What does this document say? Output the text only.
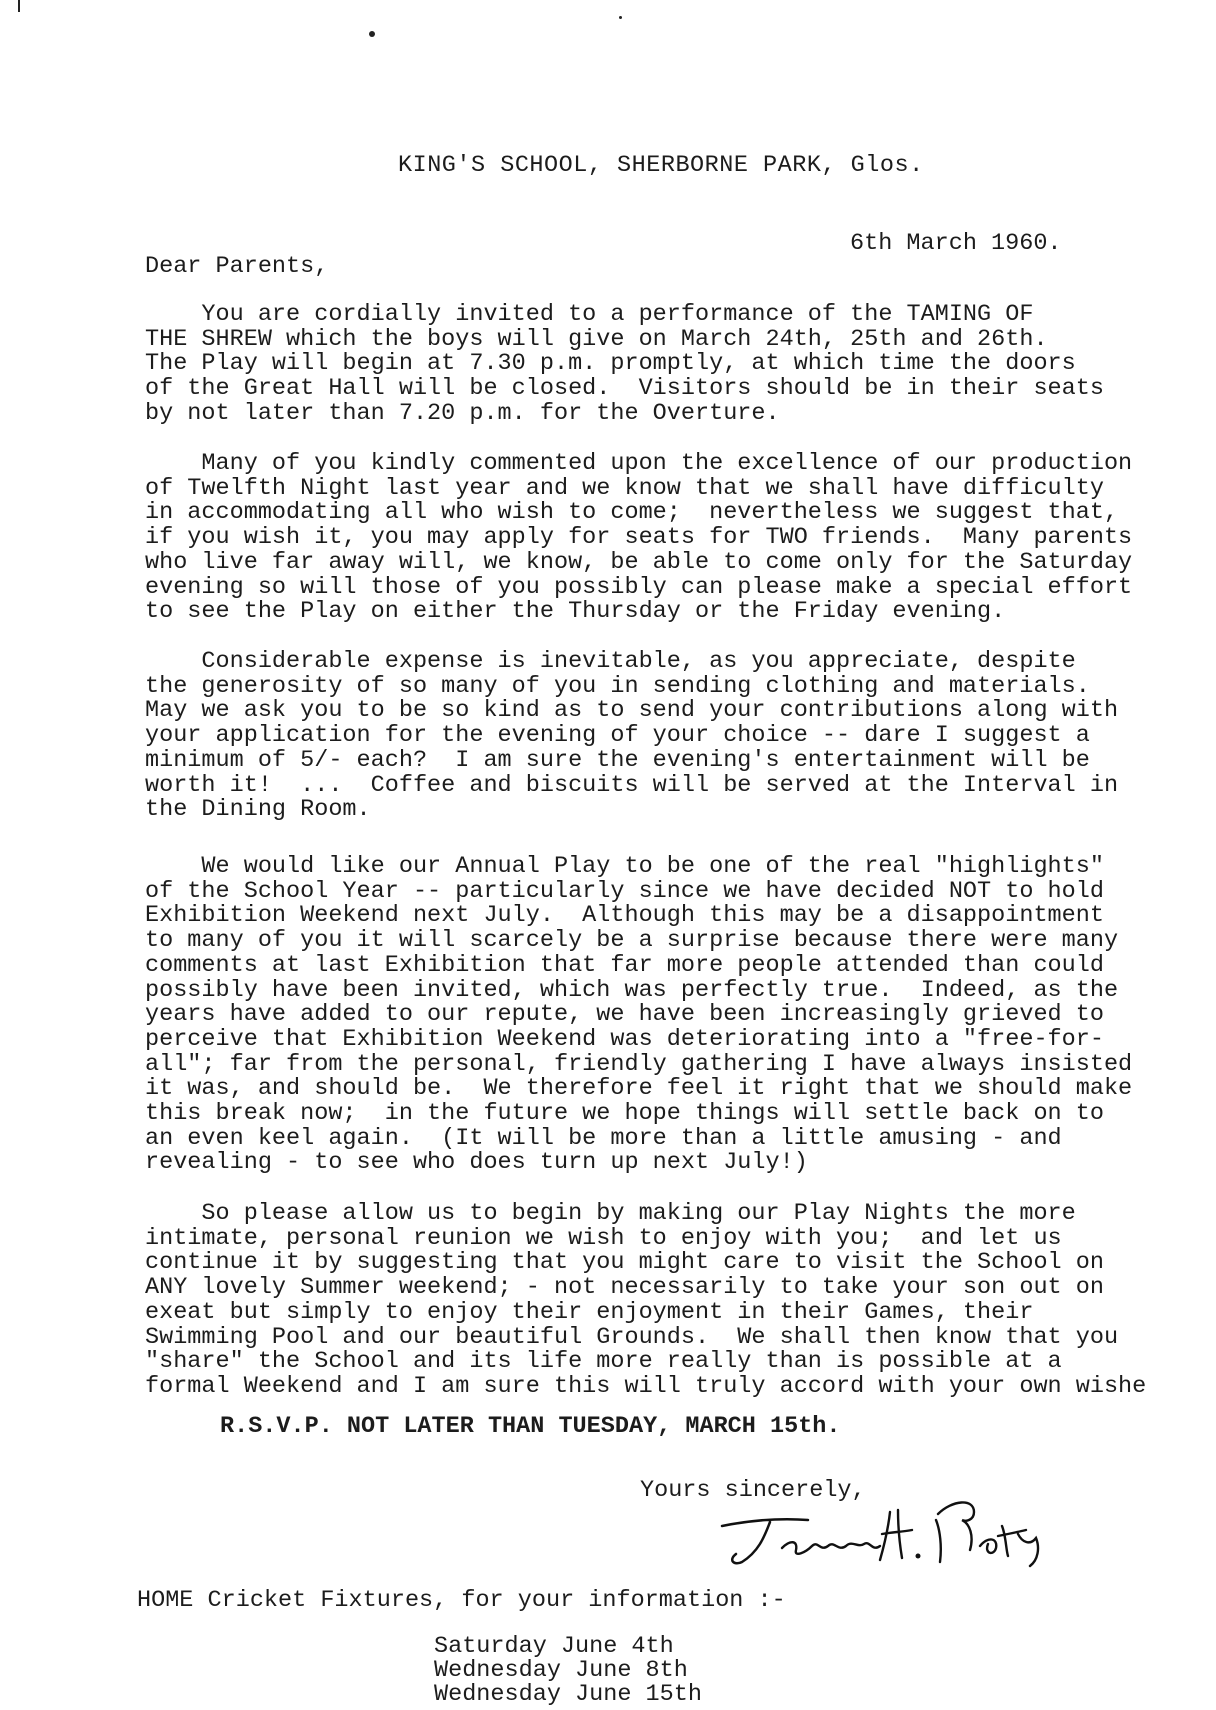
KING'S SCHOOL, SHERBORNE PARK, Glos.
6th March 1960.
Dear Parents,

You are cordially invited to a performance of the TAMING OF
THE SHREW which the boys will give on March 24th, 25th and 26th.
The Play will begin at 7.30 p.m. promptly, at which time the doors
of the Great Hall will be closed.  Visitors should be in their seats
by not later than 7.20 p.m. for the Overture.

Many of you kindly commented upon the excellence of our production
of Twelfth Night last year and we know that we shall have difficulty
in accommodating all who wish to come;  nevertheless we suggest that,
if you wish it, you may apply for seats for TWO friends.  Many parents
who live far away will, we know, be able to come only for the Saturday
evening so will those of you possibly can please make a special effort
to see the Play on either the Thursday or the Friday evening.

Considerable expense is inevitable, as you appreciate, despite
the generosity of so many of you in sending clothing and materials.
May we ask you to be so kind as to send your contributions along with
your application for the evening of your choice -- dare I suggest a
minimum of 5/- each?  I am sure the evening's entertainment will be
worth it!  ...  Coffee and biscuits will be served at the Interval in
the Dining Room.

We would like our Annual Play to be one of the real "highlights"
of the School Year -- particularly since we have decided NOT to hold
Exhibition Weekend next July.  Although this may be a disappointment
to many of you it will scarcely be a surprise because there were many
comments at last Exhibition that far more people attended than could
possibly have been invited, which was perfectly true.  Indeed, as the
years have added to our repute, we have been increasingly grieved to
perceive that Exhibition Weekend was deteriorating into a "free-for-
all"; far from the personal, friendly gathering I have always insisted
it was, and should be.  We therefore feel it right that we should make
this break now;  in the future we hope things will settle back on to
an even keel again.  (It will be more than a little amusing - and
revealing - to see who does turn up next July!)

So please allow us to begin by making our Play Nights the more
intimate, personal reunion we wish to enjoy with you;  and let us
continue it by suggesting that you might care to visit the School on
ANY lovely Summer weekend; - not necessarily to take your son out on
exeat but simply to enjoy their enjoyment in their Games, their
Swimming Pool and our beautiful Grounds.  We shall then know that you
"share" the School and its life more really than is possible at a
formal Weekend and I am sure this will truly accord with your own wishe

R.S.V.P. NOT LATER THAN TUESDAY, MARCH 15th.
Yours sincerely,
HOME Cricket Fixtures, for your information :-
Saturday June 4th
Wednesday June 8th
Wednesday June 15th
